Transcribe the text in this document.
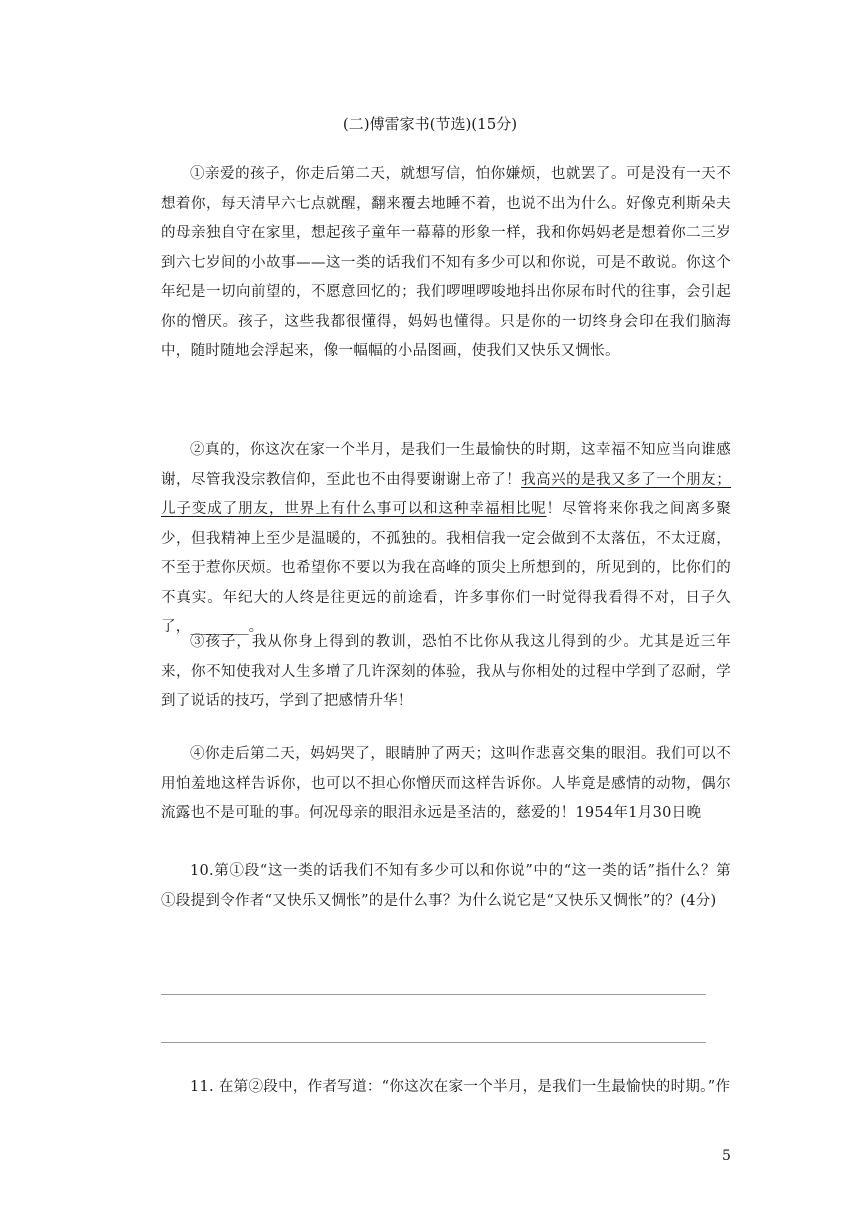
(二)傅雷家书(节选)(15分)
①亲爱的孩子，你走后第二天，就想写信，怕你嫌烦，也就罢了。可是没有一天不想着你，每天清早六七点就醒，翻来覆去地睡不着，也说不出为什么。好像克利斯朵夫的母亲独自守在家里，想起孩子童年一幕幕的形象一样，我和你妈妈老是想着你二三岁到六七岁间的小故事——这一类的话我们不知有多少可以和你说，可是不敢说。你这个年纪是一切向前望的，不愿意回忆的；我们啰哩啰唆地抖出你尿布时代的往事，会引起你的憎厌。孩子，这些我都很懂得，妈妈也懂得。只是你的一切终身会印在我们脑海中，随时随地会浮起来，像一幅幅的小品图画，使我们又快乐又惆怅。
②真的，你这次在家一个半月，是我们一生最愉快的时期，这幸福不知应当向谁感谢，尽管我没宗教信仰，至此也不由得要谢谢上帝了！我高兴的是我又多了一个朋友；儿子变成了朋友，世界上有什么事可以和这种幸福相比呢！尽管将来你我之间离多聚少，但我精神上至少是温暖的，不孤独的。我相信我一定会做到不太落伍，不太迂腐，不至于惹你厌烦。也希望你不要以为我在高峰的顶尖上所想到的，所见到的，比你们的不真实。年纪大的人终是往更远的前途看，许多事你们一时觉得我看得不对，日子久了，________。
③孩子，我从你身上得到的教训，恐怕不比你从我这儿得到的少。尤其是近三年来，你不知使我对人生多增了几许深刻的体验，我从与你相处的过程中学到了忍耐，学到了说话的技巧，学到了把感情升华！
④你走后第二天，妈妈哭了，眼睛肿了两天；这叫作悲喜交集的眼泪。我们可以不用怕羞地这样告诉你，也可以不担心你憎厌而这样告诉你。人毕竟是感情的动物，偶尔流露也不是可耻的事。何况母亲的眼泪永远是圣洁的，慈爱的！1954年1月30日晚
10.第①段“这一类的话我们不知有多少可以和你说”中的“这一类的话”指什么？第①段提到令作者“又快乐又惆怅”的是什么事？为什么说它是“又快乐又惆怅”的？(4分)
11. 在第②段中，作者写道：“你这次在家一个半月，是我们一生最愉快的时期。”作
5
